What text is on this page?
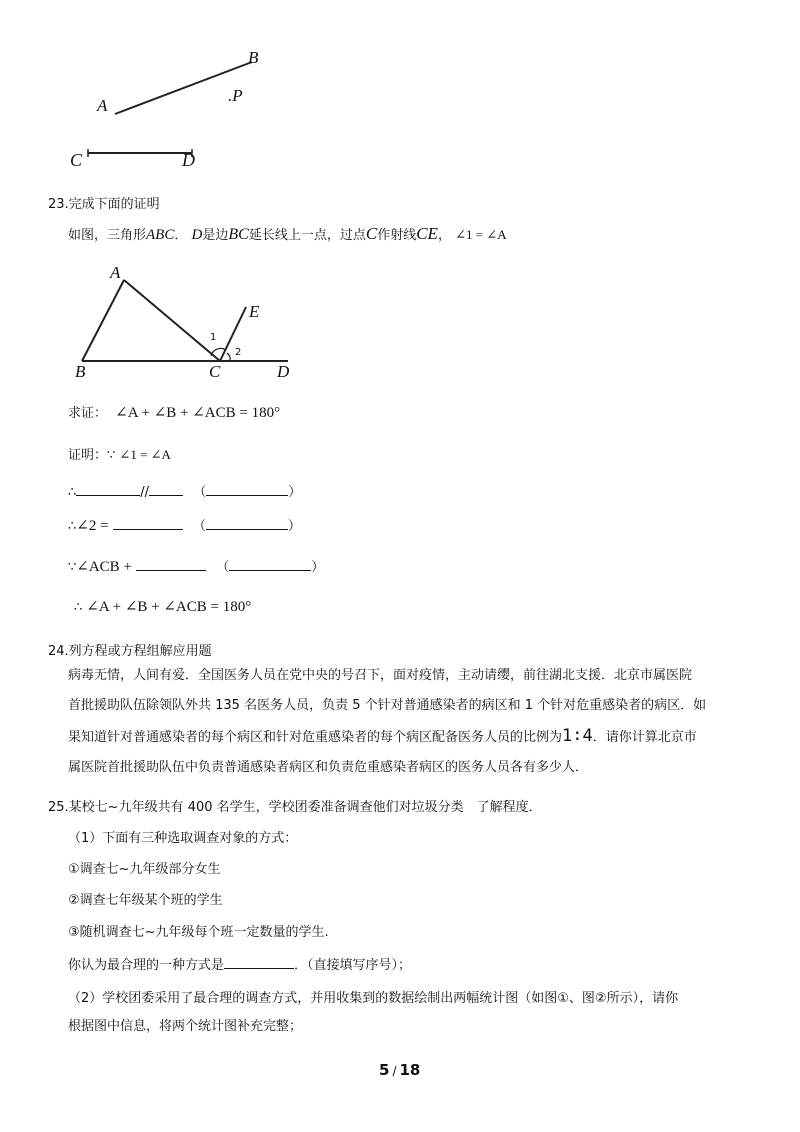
A
B
.P
C	D
23.完成下面的证明
如图，三角形ABC． D是边BC延长线上一点，过点C作射线CE， ∠1 = ∠A
A
B	C	D
E
1
2
求证： ∠A + ∠B + ∠ACB = 180°
证明：∵ ∠1 = ∠A
∴	//	（	）
∴∠2 =	（	）
∵∠ACB +	（	）
∴ ∠A + ∠B + ∠ACB = 180°
24.列方程或方程组解应用题
病毒无情，人间有爱．全国医务人员在党中央的号召下，面对疫情，主动请缨，前往湖北支援．北京市属医院
首批援助队伍除领队外共 135 名医务人员，负责 5 个针对普通感染者的病区和 1 个针对危重感染者的病区．如
果知道针对普通感染者的每个病区和针对危重感染者的每个病区配备医务人员的比例为1∶4．请你计算北京市
属医院首批援助队伍中负责普通感染者病区和负责危重感染者病区的医务人员各有多少人．
25.某校七~九年级共有 400 名学生，学校团委准备调查他们对垃圾分类　了解程度．
（1）下面有三种选取调查对象的方式：
①调查七~九年级部分女生
②调查七年级某个班的学生
③随机调查七~九年级每个班一定数量的学生.
你认为最合理的一种方式是	．（直接填写序号）；
（2）学校团委采用了最合理的调查方式，并用收集到的数据绘制出两幅统计图（如图①、图②所示），请你
根据图中信息，将两个统计图补充完整；
5 / 18
